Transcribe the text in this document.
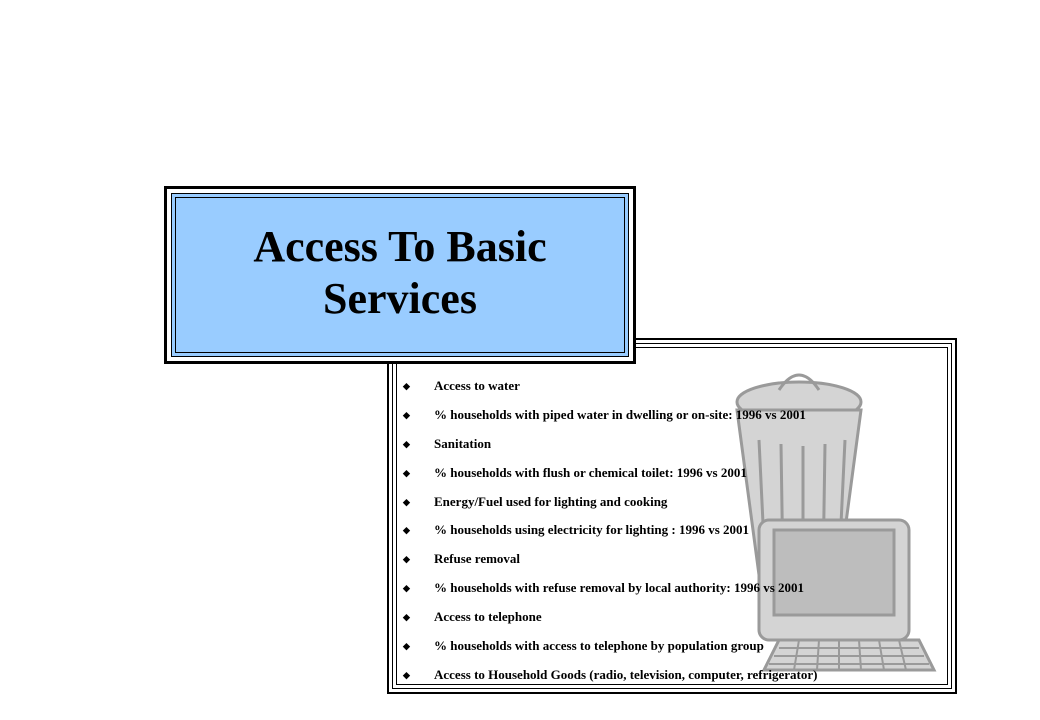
◆ Access to water
◆ % households with piped water in dwelling or on-site: 1996 vs 2001
◆ Sanitation
◆ % households with flush or chemical toilet: 1996 vs 2001
◆ Energy/Fuel used for lighting and cooking
◆ % households using electricity for lighting : 1996 vs 2001
◆ Refuse removal
◆ % households with refuse removal by local authority: 1996 vs 2001
◆ Access to telephone
◆ % households with access to telephone by population group
◆ Access to Household Goods (radio, television, computer, refrigerator)
Access To Basic
Services
